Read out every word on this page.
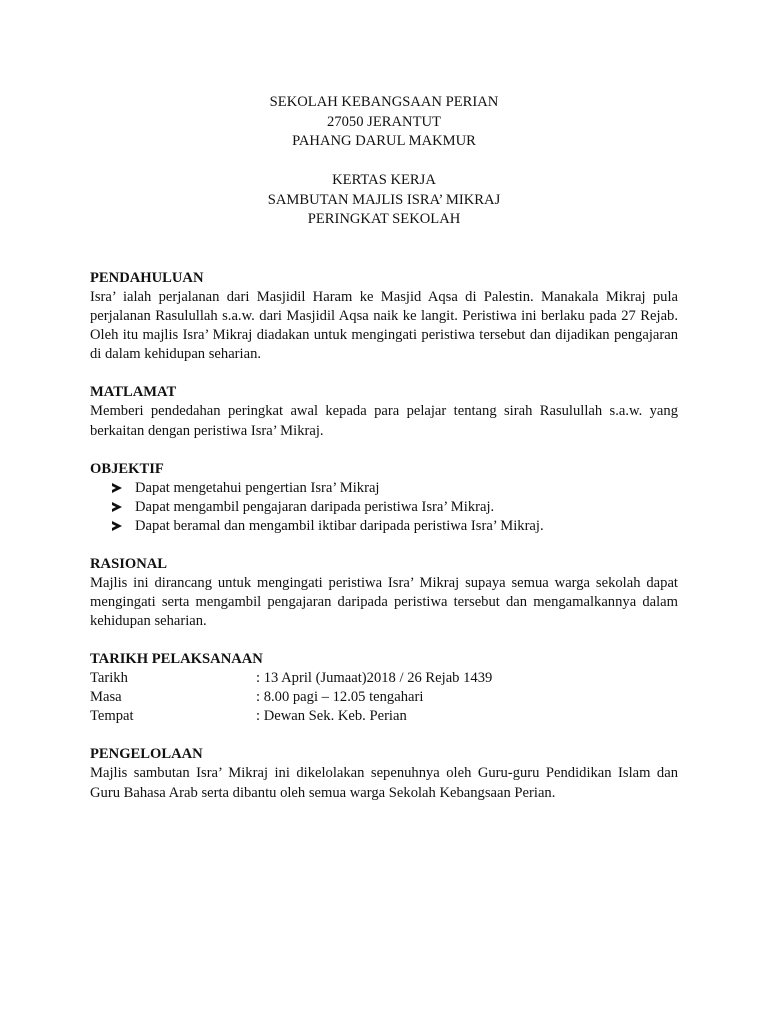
SEKOLAH KEBANGSAAN PERIAN
27050 JERANTUT
PAHANG DARUL MAKMUR
KERTAS KERJA
SAMBUTAN MAJLIS ISRA’ MIKRAJ
PERINGKAT SEKOLAH
PENDAHULUAN
Isra’ ialah perjalanan dari Masjidil Haram ke Masjid Aqsa di Palestin. Manakala Mikraj pula perjalanan Rasulullah s.a.w. dari Masjidil Aqsa naik ke langit. Peristiwa ini berlaku pada 27 Rejab. Oleh itu majlis Isra’ Mikraj diadakan untuk mengingati peristiwa tersebut dan dijadikan pengajaran di dalam kehidupan seharian.
MATLAMAT
Memberi pendedahan peringkat awal kepada para pelajar tentang sirah Rasulullah s.a.w. yang berkaitan dengan peristiwa Isra’ Mikraj.
OBJEKTIF
Dapat mengetahui pengertian Isra’ Mikraj
Dapat mengambil pengajaran daripada peristiwa Isra’ Mikraj.
Dapat beramal dan mengambil iktibar daripada peristiwa Isra’ Mikraj.
RASIONAL
Majlis ini dirancang untuk mengingati peristiwa Isra’ Mikraj supaya semua warga sekolah dapat mengingati serta mengambil pengajaran daripada peristiwa tersebut dan mengamalkannya dalam kehidupan seharian.
TARIKH PELAKSANAAN
Tarikh	: 13 April (Jumaat)2018 / 26 Rejab 1439
Masa	: 8.00 pagi – 12.05 tengahari
Tempat	: Dewan Sek. Keb. Perian
PENGELOLAAN
Majlis sambutan Isra’ Mikraj ini dikelolakan sepenuhnya oleh Guru-guru Pendidikan Islam dan Guru Bahasa Arab serta dibantu oleh semua warga Sekolah Kebangsaan Perian.
